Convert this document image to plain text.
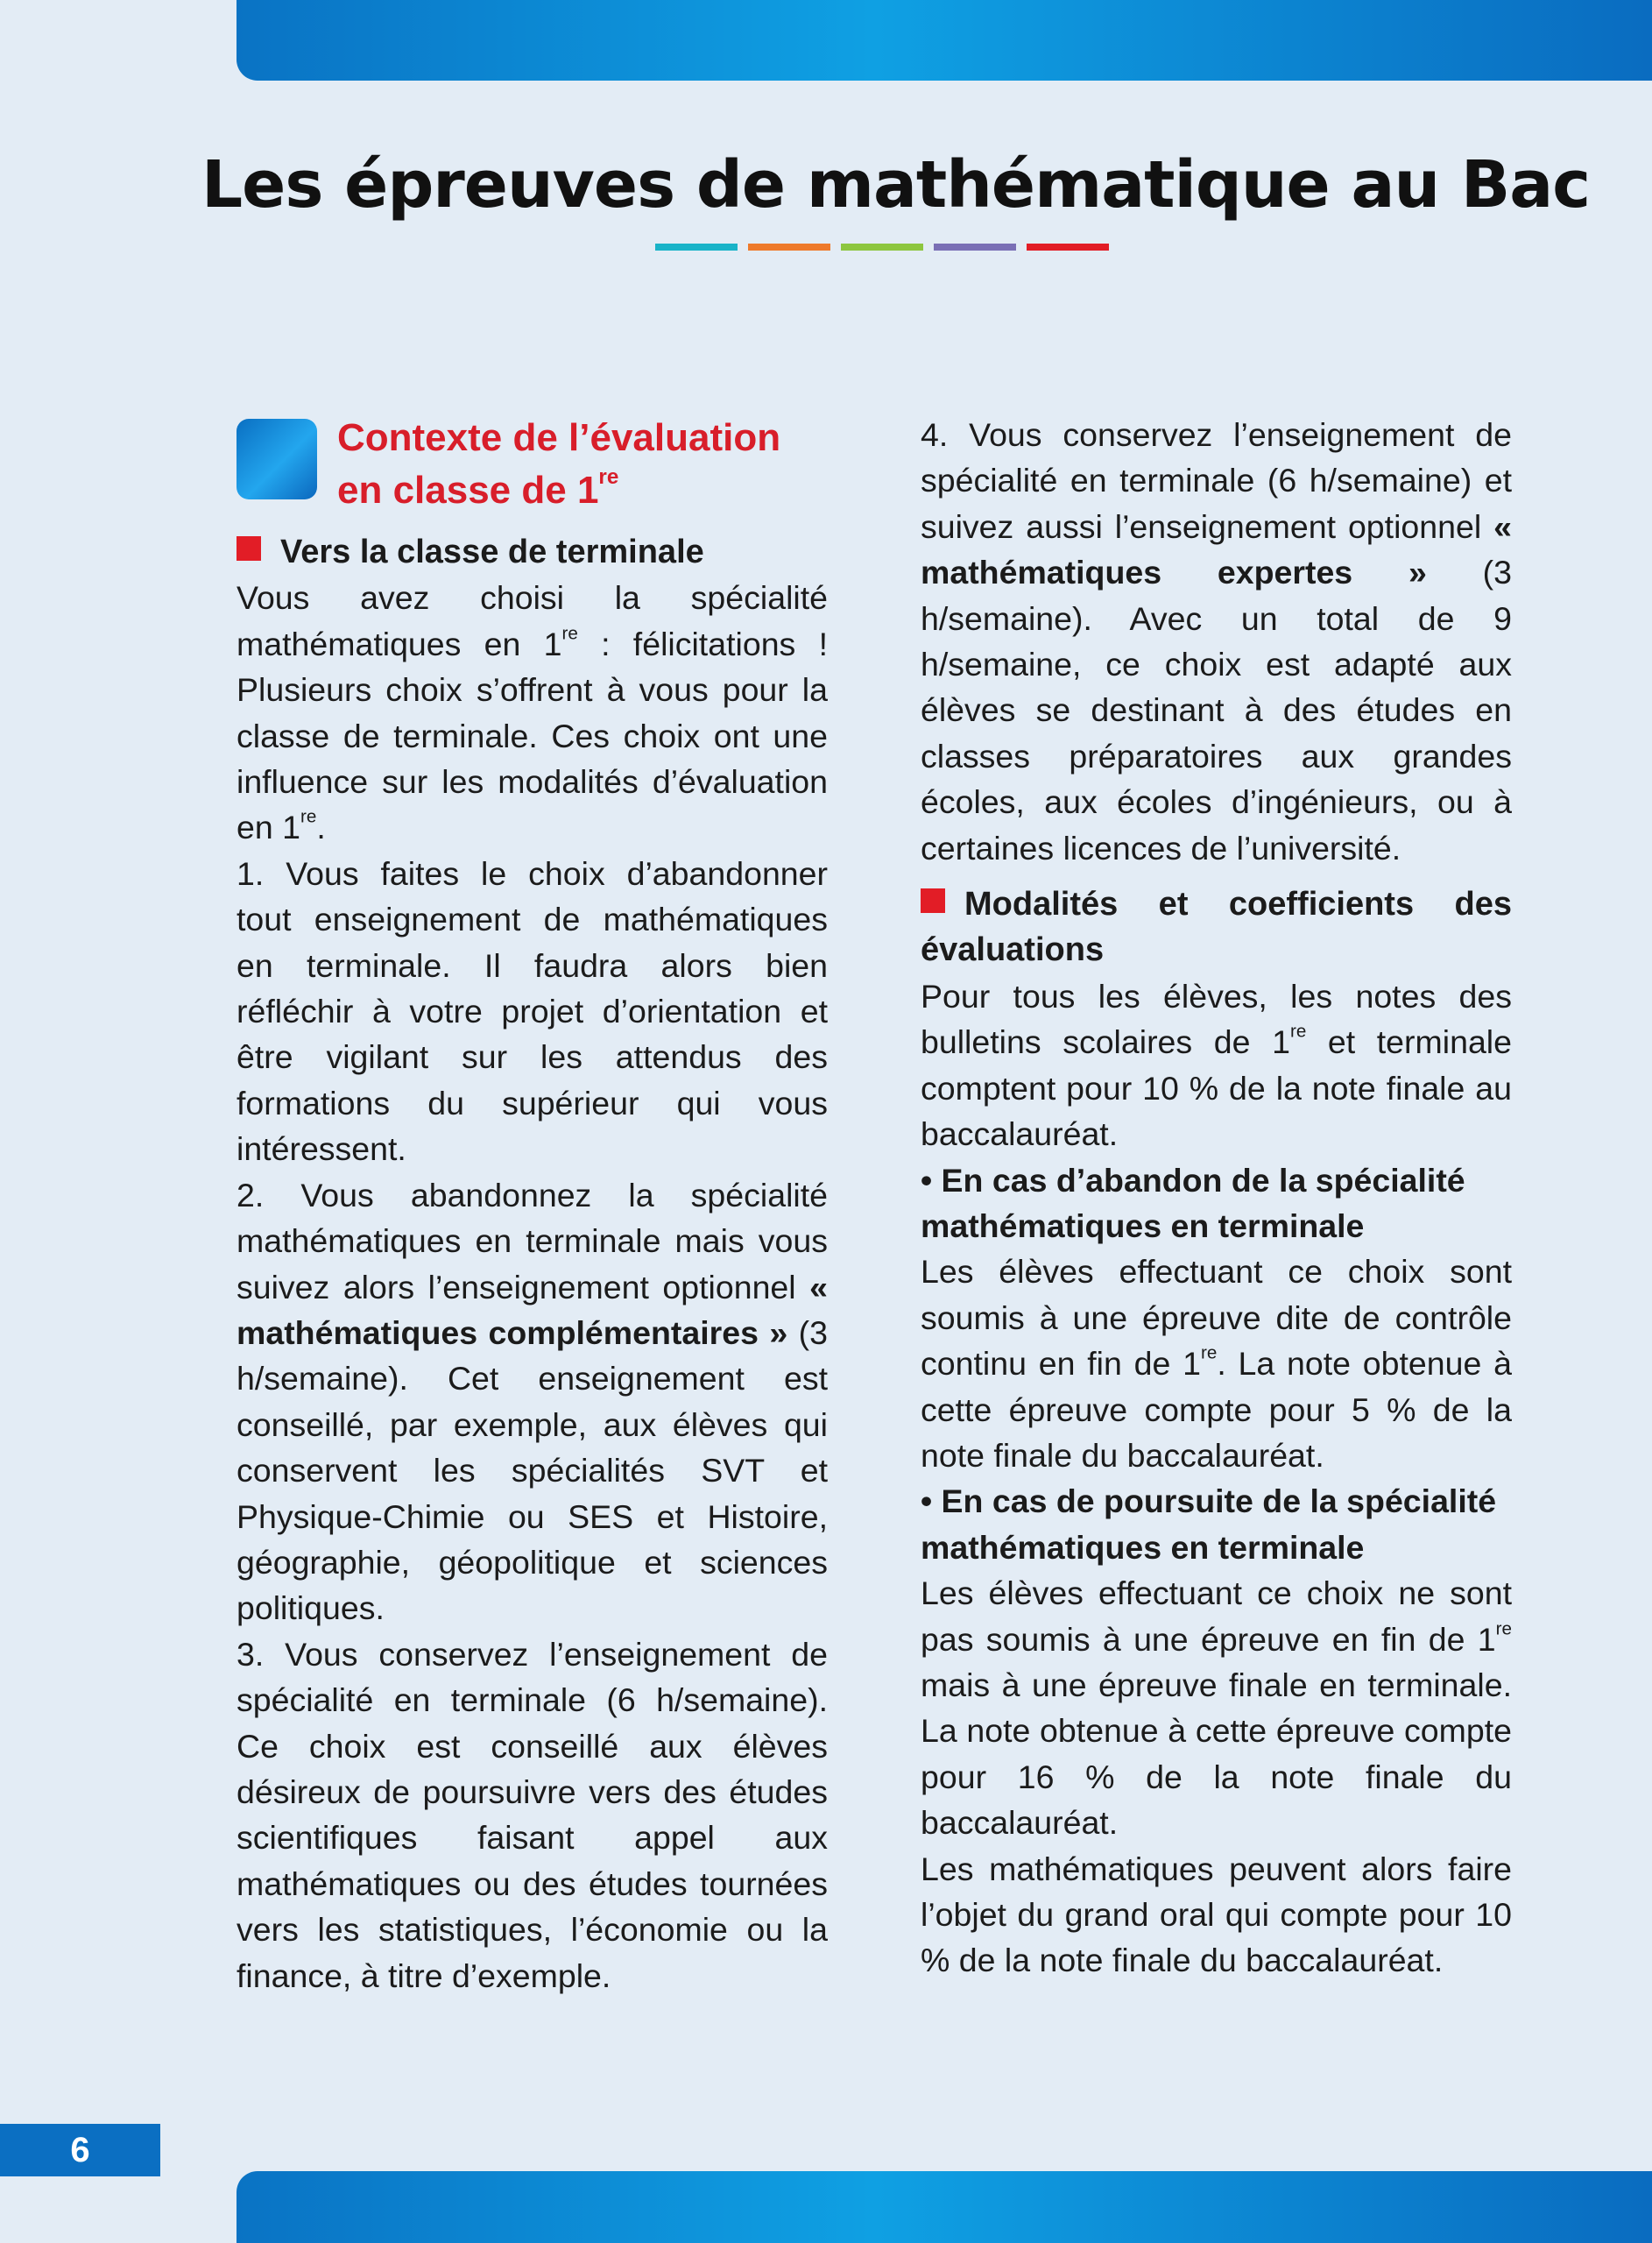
Les épreuves de mathématique au Bac
Contexte de l’évaluation
en classe de 1re

Vers la classe de terminale

Vous avez choisi la spécialité mathématiques en 1re : félicitations ! Plusieurs choix s’offrent à vous pour la classe de terminale. Ces choix ont une influence sur les modalités d’évaluation en 1re.

1. Vous faites le choix d’abandonner tout enseignement de mathématiques en terminale. Il faudra alors bien réfléchir à votre projet d’orientation et être vigilant sur les attendus des formations du supérieur qui vous intéressent.

2. Vous abandonnez la spécialité mathématiques en terminale mais vous suivez alors l’enseignement optionnel « mathématiques complémentaires » (3 h/semaine). Cet enseignement est conseillé, par exemple, aux élèves qui conservent les spécialités SVT et Physique-Chimie ou SES et Histoire, géographie, géopolitique et sciences politiques.

3. Vous conservez l’enseignement de spécialité en terminale (6 h/semaine). Ce choix est conseillé aux élèves désireux de poursuivre vers des études scientifiques faisant appel aux mathématiques ou des études tournées vers les statistiques, l’économie ou la finance, à titre d’exemple.

4. Vous conservez l’enseignement de spécialité en terminale (6 h/semaine) et suivez aussi l’enseignement optionnel « mathématiques expertes » (3 h/semaine). Avec un total de 9 h/semaine, ce choix est adapté aux élèves se destinant à des études en classes préparatoires aux grandes écoles, aux écoles d’ingénieurs, ou à certaines licences de l’université.

Modalités et coefficients des évaluations

Pour tous les élèves, les notes des bulletins scolaires de 1re et terminale comptent pour 10 % de la note finale au baccalauréat.

• En cas d’abandon de la spécialité mathématiques en terminale

Les élèves effectuant ce choix sont soumis à une épreuve dite de contrôle continu en fin de 1re. La note obtenue à cette épreuve compte pour 5 % de la note finale du baccalauréat.

• En cas de poursuite de la spécialité mathématiques en terminale

Les élèves effectuant ce choix ne sont pas soumis à une épreuve en fin de 1re mais à une épreuve finale en terminale. La note obtenue à cette épreuve compte pour 16 % de la note finale du baccalauréat.

Les mathématiques peuvent alors faire l’objet du grand oral qui compte pour 10 % de la note finale du baccalauréat.

6
